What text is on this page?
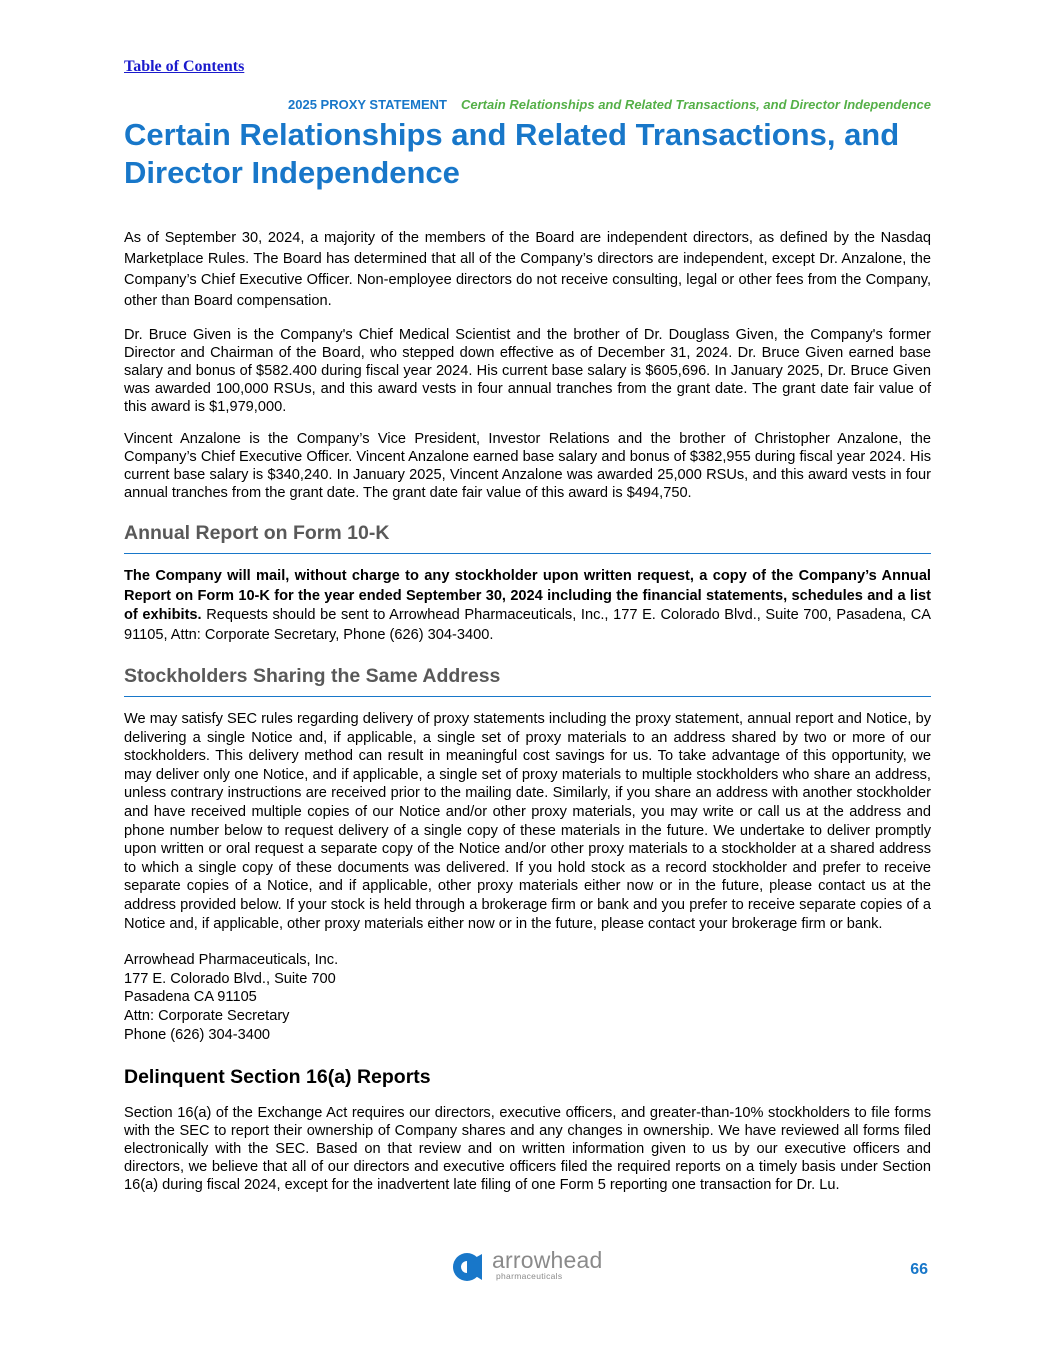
Table of Contents
2025 PROXY STATEMENT Certain Relationships and Related Transactions, and Director Independence
Certain Relationships and Related Transactions, and Director Independence

As of September 30, 2024, a majority of the members of the Board are independent directors, as defined by the Nasdaq Marketplace Rules. The Board has determined that all of the Company’s directors are independent, except Dr. Anzalone, the Company’s Chief Executive Officer. Non-employee directors do not receive consulting, legal or other fees from the Company, other than Board compensation.

Dr. Bruce Given is the Company's Chief Medical Scientist and the brother of Dr. Douglass Given, the Company's former Director and Chairman of the Board, who stepped down effective as of December 31, 2024. Dr. Bruce Given earned base salary and bonus of $582.400 during fiscal year 2024. His current base salary is $605,696. In January 2025, Dr. Bruce Given was awarded 100,000 RSUs, and this award vests in four annual tranches from the grant date. The grant date fair value of this award is $1,979,000.

Vincent Anzalone is the Company’s Vice President, Investor Relations and the brother of Christopher Anzalone, the Company’s Chief Executive Officer. Vincent Anzalone earned base salary and bonus of $382,955 during fiscal year 2024. His current base salary is $340,240. In January 2025, Vincent Anzalone was awarded 25,000 RSUs, and this award vests in four annual tranches from the grant date. The grant date fair value of this award is $494,750.

Annual Report on Form 10-K

The Company will mail, without charge to any stockholder upon written request, a copy of the Company’s Annual Report on Form 10-K for the year ended September 30, 2024 including the financial statements, schedules and a list of exhibits. Requests should be sent to Arrowhead Pharmaceuticals, Inc., 177 E. Colorado Blvd., Suite 700, Pasadena, CA 91105, Attn: Corporate Secretary, Phone (626) 304-3400.

Stockholders Sharing the Same Address

We may satisfy SEC rules regarding delivery of proxy statements including the proxy statement, annual report and Notice, by delivering a single Notice and, if applicable, a single set of proxy materials to an address shared by two or more of our stockholders. This delivery method can result in meaningful cost savings for us. To take advantage of this opportunity, we may deliver only one Notice, and if applicable, a single set of proxy materials to multiple stockholders who share an address, unless contrary instructions are received prior to the mailing date. Similarly, if you share an address with another stockholder and have received multiple copies of our Notice and/or other proxy materials, you may write or call us at the address and phone number below to request delivery of a single copy of these materials in the future. We undertake to deliver promptly upon written or oral request a separate copy of the Notice and/or other proxy materials to a stockholder at a shared address to which a single copy of these documents was delivered. If you hold stock as a record stockholder and prefer to receive separate copies of a Notice, and if applicable, other proxy materials either now or in the future, please contact us at the address provided below. If your stock is held through a brokerage firm or bank and you prefer to receive separate copies of a Notice and, if applicable, other proxy materials either now or in the future, please contact your brokerage firm or bank.

Arrowhead Pharmaceuticals, Inc.
177 E. Colorado Blvd., Suite 700
Pasadena CA 91105
Attn: Corporate Secretary
Phone (626) 304-3400
Delinquent Section 16(a) Reports

Section 16(a) of the Exchange Act requires our directors, executive officers, and greater-than-10% stockholders to file forms with the SEC to report their ownership of Company shares and any changes in ownership. We have reviewed all forms filed electronically with the SEC. Based on that review and on written information given to us by our executive officers and directors, we believe that all of our directors and executive officers filed the required reports on a timely basis under Section 16(a) during fiscal 2024, except for the inadvertent late filing of one Form 5 reporting one transaction for Dr. Lu.

arrowhead
pharmaceuticals	66
